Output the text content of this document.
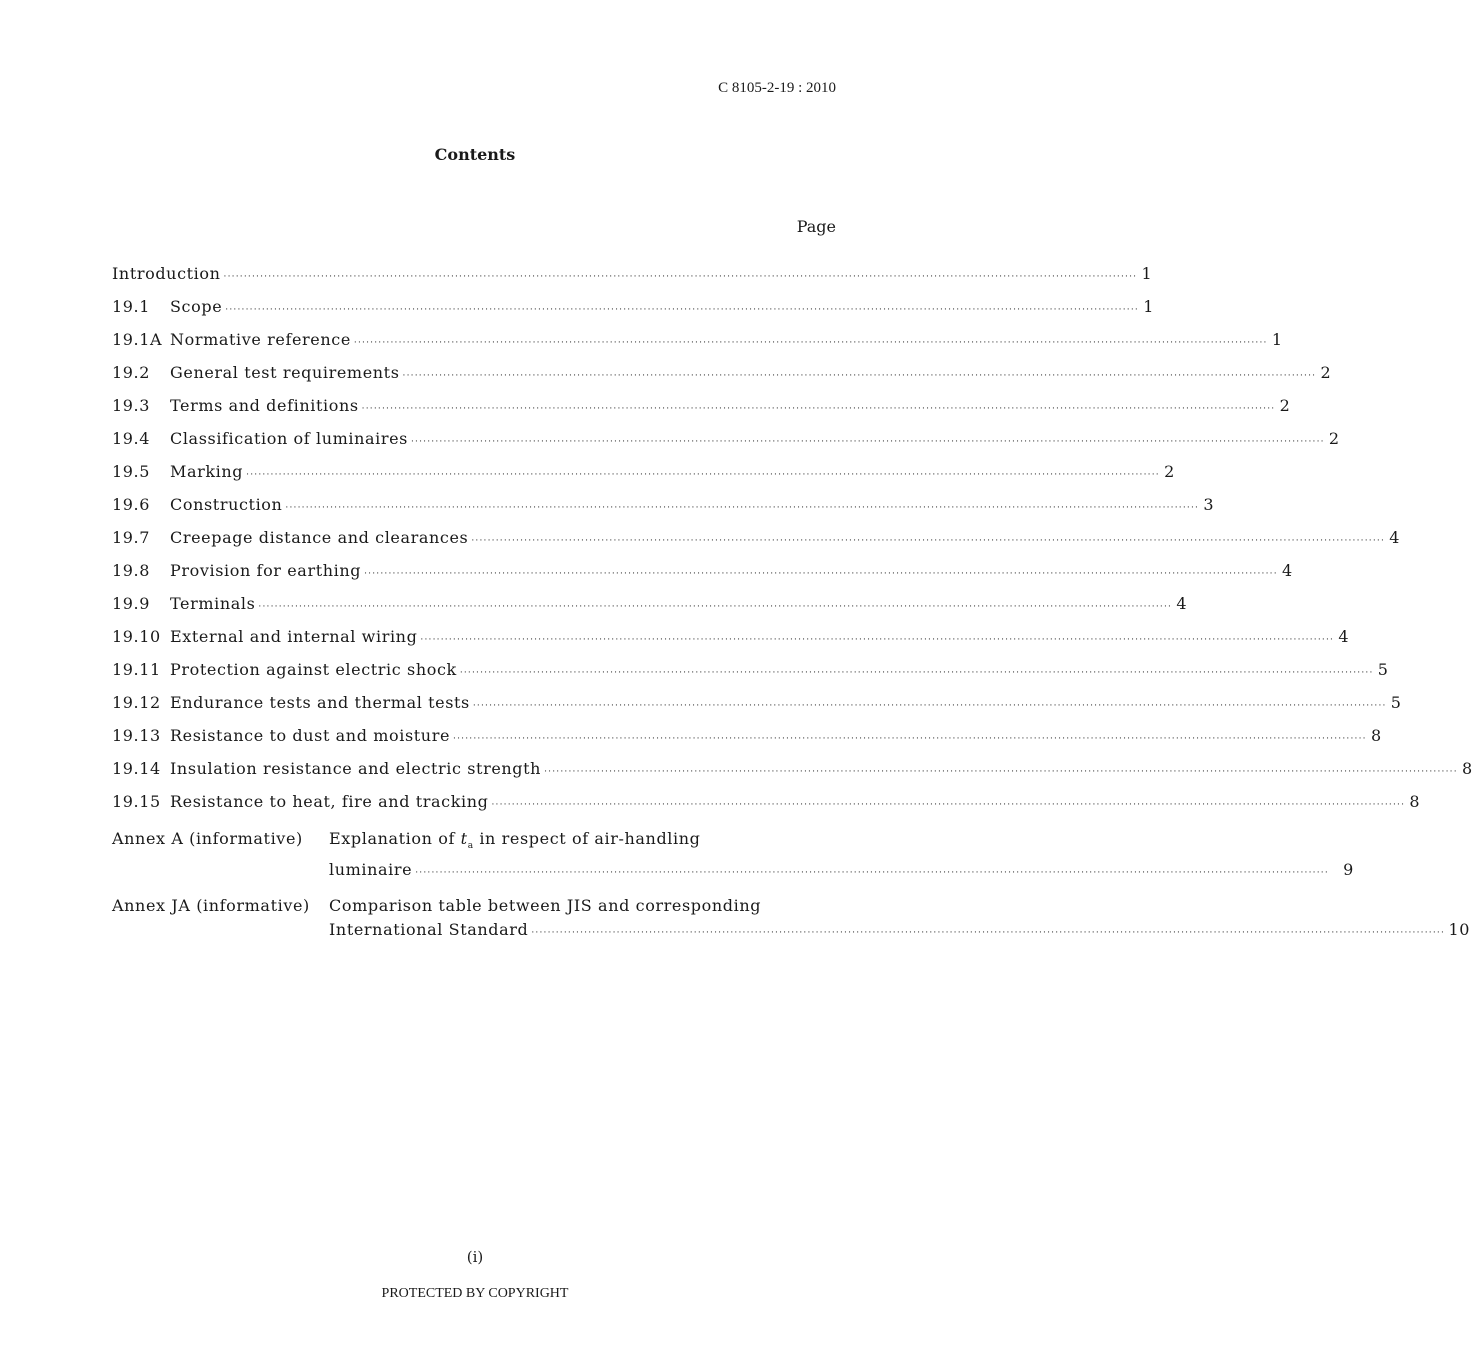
C 8105-2-19 : 2010
Contents
Page
Introduction ·····	1
19.1	Scope ·····	1
19.1A Normative reference ·····	1
19.2	General test requirements ·····	2
19.3	Terms and definitions ·····	2
19.4	Classification of luminaires ·····	2
19.5	Marking ·····	2
19.6	Construction ·····	3
19.7	Creepage distance and clearances ·····	4
19.8	Provision for earthing ·····	4
19.9	Terminals ·····	4
19.10 External and internal wiring ·····	4
19.11 Protection against electric shock ·····	5
19.12 Endurance tests and thermal tests ·····	5
19.13 Resistance to dust and moisture ·····	8
19.14 Insulation resistance and electric strength ·····	8
19.15 Resistance to heat, fire and tracking ·····	8
Annex A (informative)	Explanation of $t_a$ in respect of air-handling
luminaire ·····	9
Annex JA (informative)	Comparison table between JIS and corresponding
International Standard ·····	10
(i)
PROTECTED BY COPYRIGHT
